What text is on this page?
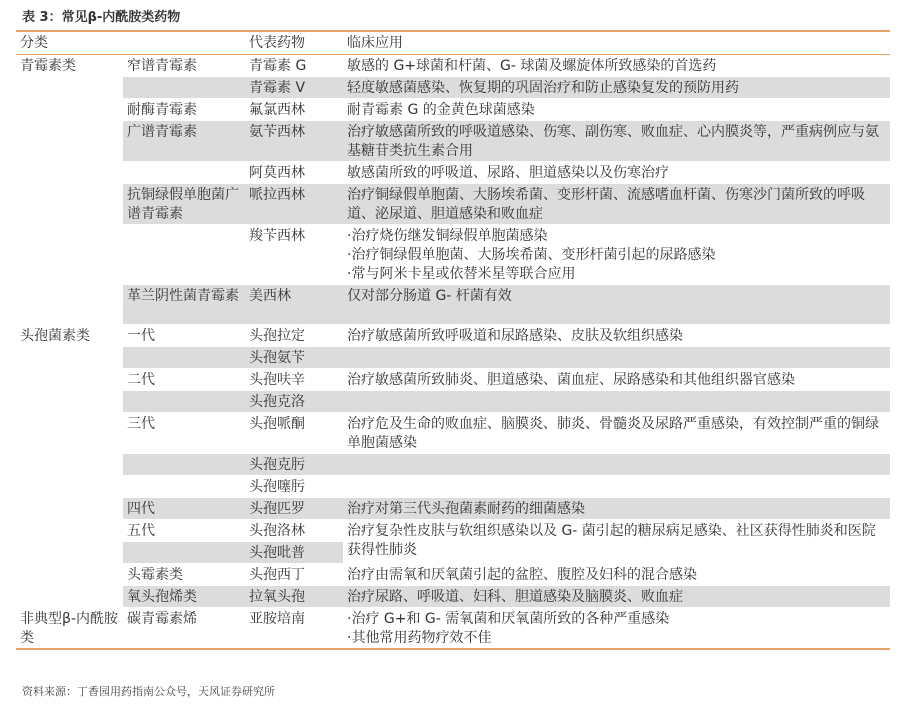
表 3：常见β-内酰胺类药物
分类		代表药物	临床应用
青霉素类	窄谱青霉素	青霉素 G	敏感的 G+球菌和杆菌、G- 球菌及螺旋体所致感染的首选药
		青霉素 V	轻度敏感菌感染、恢复期的巩固治疗和防止感染复发的预防用药
	耐酶青霉素	氟氯西林	耐青霉素 G 的金黄色球菌感染
	广谱青霉素	氨苄西林	治疗敏感菌所致的呼吸道感染、伤寒、副伤寒、败血症、心内膜炎等，严重病例应与氨基糖苷类抗生素合用
		阿莫西林	敏感菌所致的呼吸道、尿路、胆道感染以及伤寒治疗
	抗铜绿假单胞菌广谱青霉素	哌拉西林	治疗铜绿假单胞菌、大肠埃希菌、变形杆菌、流感嗜血杆菌、伤寒沙门菌所致的呼吸道、泌尿道、胆道感染和败血症
		羧苄西林	·治疗烧伤继发铜绿假单胞菌感染
·治疗铜绿假单胞菌、大肠埃希菌、变形杆菌引起的尿路感染
·常与阿米卡星或依替米星等联合应用
	革兰阴性菌青霉素	美西林	仅对部分肠道 G- 杆菌有效
头孢菌素类	一代	头孢拉定	治疗敏感菌所致呼吸道和尿路感染、皮肤及软组织感染
		头孢氨苄	
	二代	头孢呋辛	治疗敏感菌所致肺炎、胆道感染、菌血症、尿路感染和其他组织器官感染
		头孢克洛	
	三代	头孢哌酮	治疗危及生命的败血症、脑膜炎、肺炎、骨髓炎及尿路严重感染，有效控制严重的铜绿单胞菌感染
		头孢克肟	
		头孢噻肟	
	四代	头孢匹罗	治疗对第三代头孢菌素耐药的细菌感染
	五代	头孢洛林	治疗复杂性皮肤与软组织感染以及 G- 菌引起的糖尿病足感染、社区获得性肺炎和医院获得性肺炎
		头孢吡普	
	头霉素类	头孢西丁	治疗由需氧和厌氧菌引起的盆腔、腹腔及妇科的混合感染
	氧头孢烯类	拉氧头孢	治疗尿路、呼吸道、妇科、胆道感染及脑膜炎、败血症
非典型β-内酰胺类	碳青霉素烯	亚胺培南	·治疗 G+和 G- 需氧菌和厌氧菌所致的各种严重感染
·其他常用药物疗效不佳
资料来源：丁香园用药指南公众号，天风证券研究所
